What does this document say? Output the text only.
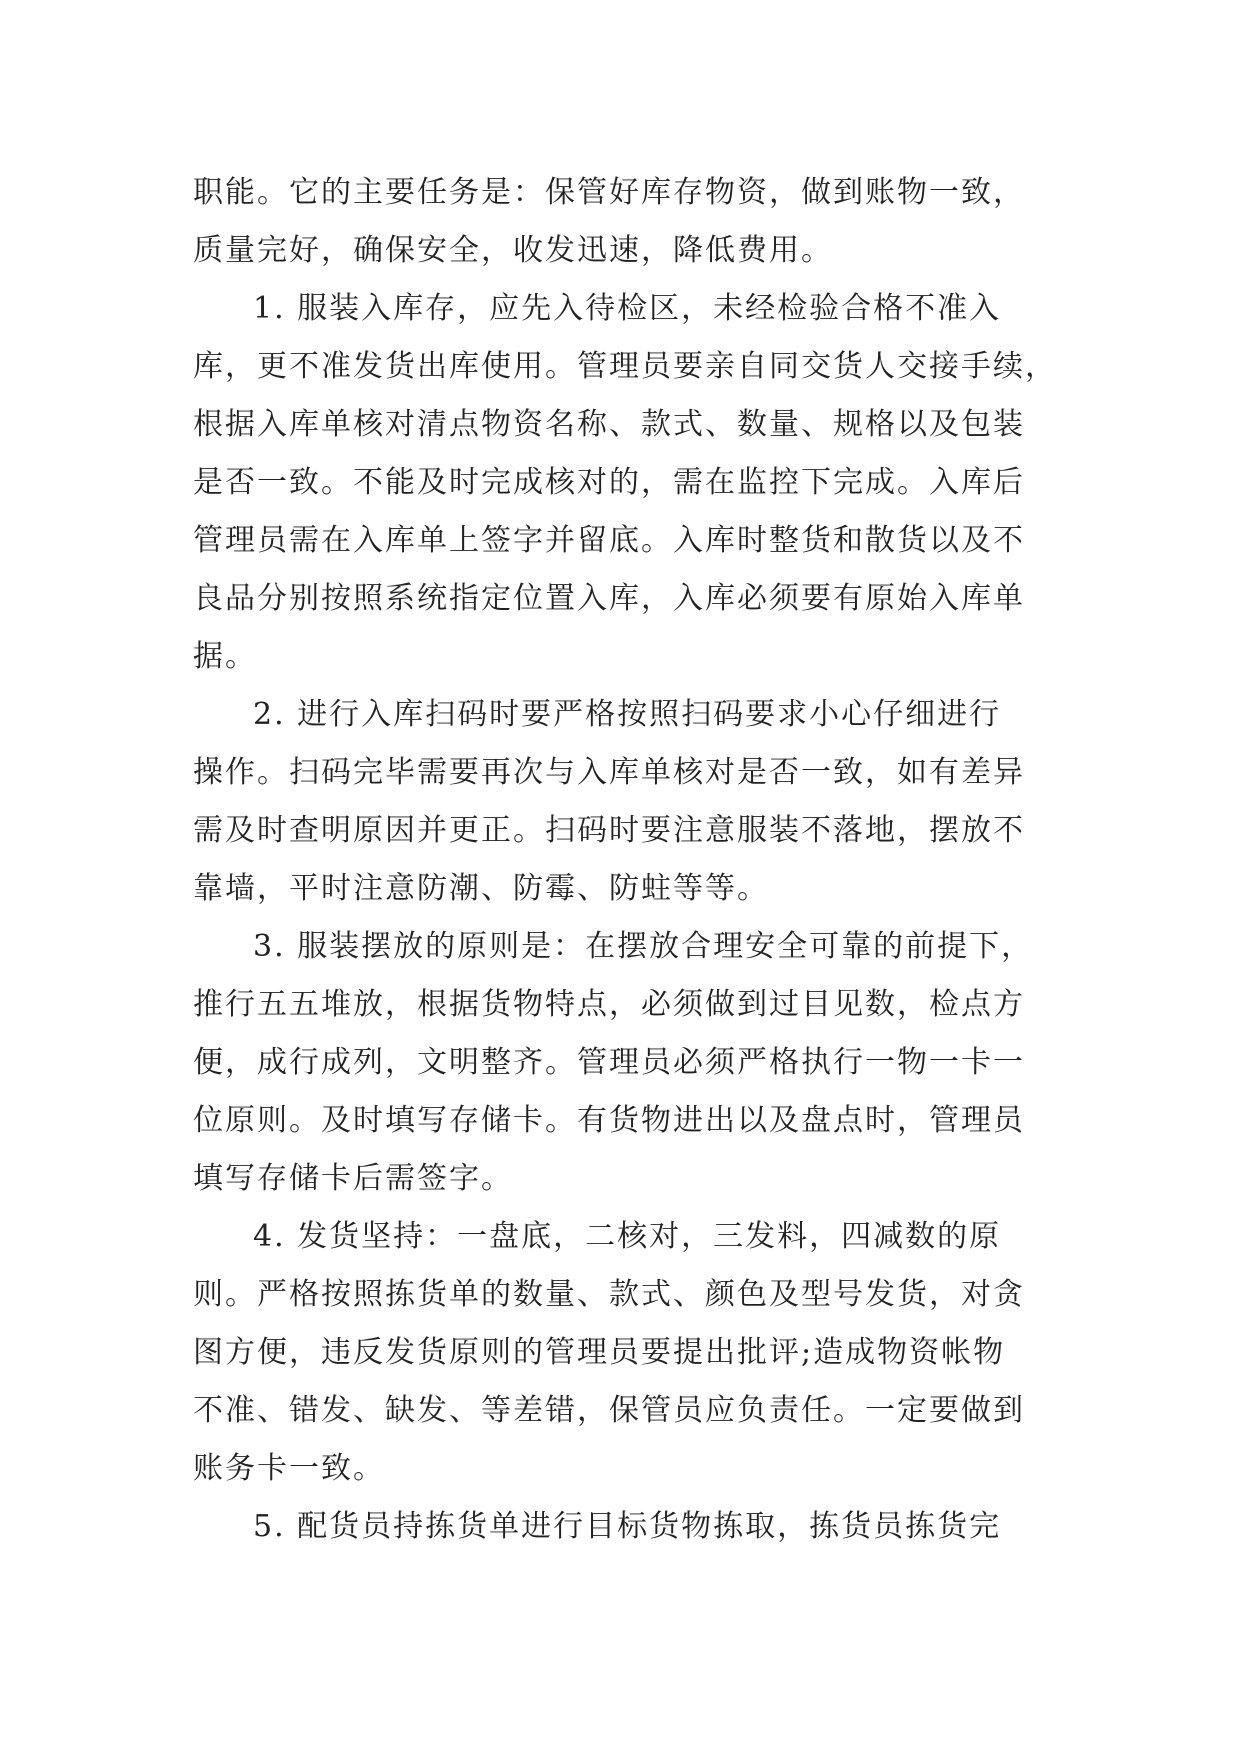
职能。它的主要任务是：保管好库存物资，做到账物一致，
质量完好，确保安全，收发迅速，降低费用。
1. 服装入库存，应先入待检区，未经检验合格不准入
库，更不准发货出库使用。管理员要亲自同交货人交接手续，
根据入库单核对清点物资名称、款式、数量、规格以及包装
是否一致。不能及时完成核对的，需在监控下完成。入库后
管理员需在入库单上签字并留底。入库时整货和散货以及不
良品分别按照系统指定位置入库，入库必须要有原始入库单
据。
2. 进行入库扫码时要严格按照扫码要求小心仔细进行
操作。扫码完毕需要再次与入库单核对是否一致，如有差异
需及时查明原因并更正。扫码时要注意服装不落地，摆放不
靠墙，平时注意防潮、防霉、防蛀等等。
3. 服装摆放的原则是：在摆放合理安全可靠的前提下，
推行五五堆放，根据货物特点，必须做到过目见数，检点方
便，成行成列，文明整齐。管理员必须严格执行一物一卡一
位原则。及时填写存储卡。有货物进出以及盘点时，管理员
填写存储卡后需签字。
4. 发货坚持：一盘底，二核对，三发料，四减数的原
则。严格按照拣货单的数量、款式、颜色及型号发货，对贪
图方便，违反发货原则的管理员要提出批评;造成物资帐物
不准、错发、缺发、等差错，保管员应负责任。一定要做到
账务卡一致。
5. 配货员持拣货单进行目标货物拣取，拣货员拣货完
